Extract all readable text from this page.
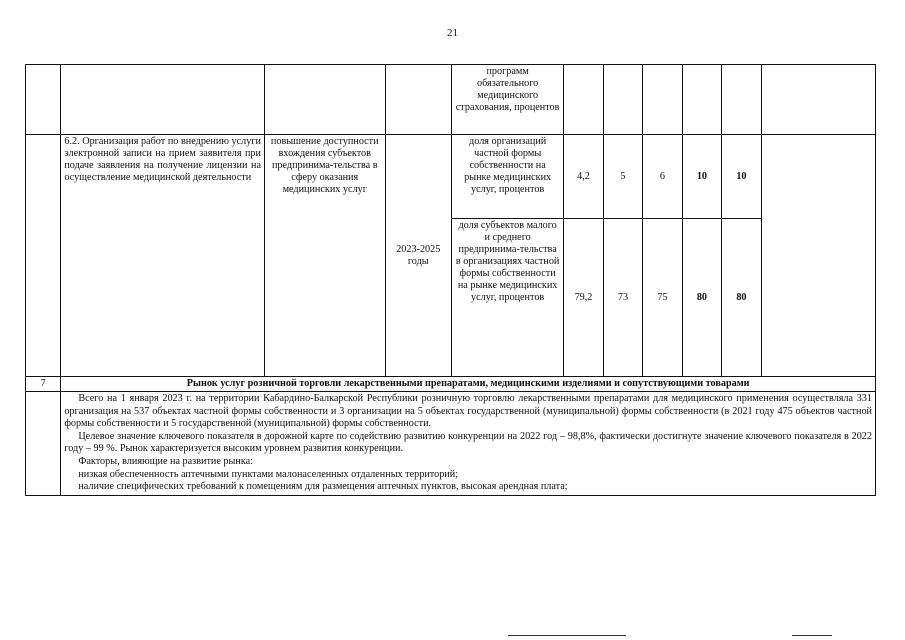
21
				программ обязательного медицинского страхования, процентов						
	6.2. Организация работ по внедрению услуги электронной записи на прием заявителя при подаче заявления на получение лицензии на осуществление медицинской деятельности	повышение доступности вхождения субъектов предпринима-тельства в сферу оказания медицинских услуг	2023-2025 годы	доля организаций частной формы собственности на рынке медицинских услуг, процентов	4,2	5	6	10	10	
				доля субъектов малого и среднего предпринима-тельства в организациях частной формы собственности на рынке медицинских услуг, процентов	79,2	73	75	80	80	
7	Рынок услуг розничной торговли лекарственными препаратами, медицинскими изделиями и сопутствующими товарами									

	Всего на 1 января 2023 г. на территории Кабардино-Балкарской Республики розничную торговлю лекарственными препаратами для медицинского применения осуществляла 331 организация на 537 объектах частной формы собственности и 3 организации на 5 объектах государственной (муниципальной) формы собственности (в 2021 году 475 объектов частной формы собственности и 5 государственной (муниципальной) формы собственности.

Целевое значение ключевого показателя в дорожной карте по содействию развитию конкуренции на 2022 год – 98,8%, фактически достигнуте значение ключевого показателя в 2022 году – 99 %. Рынок характеризуется высоким уровнем развития конкуренции.

Факторы, влияющие на развитие рынка:

низкая обеспеченность аптечными пунктами малонаселенных отдаленных территорий;

наличие специфических требований к помещениям для размещения аптечных пунктов, высокая арендная плата;									
